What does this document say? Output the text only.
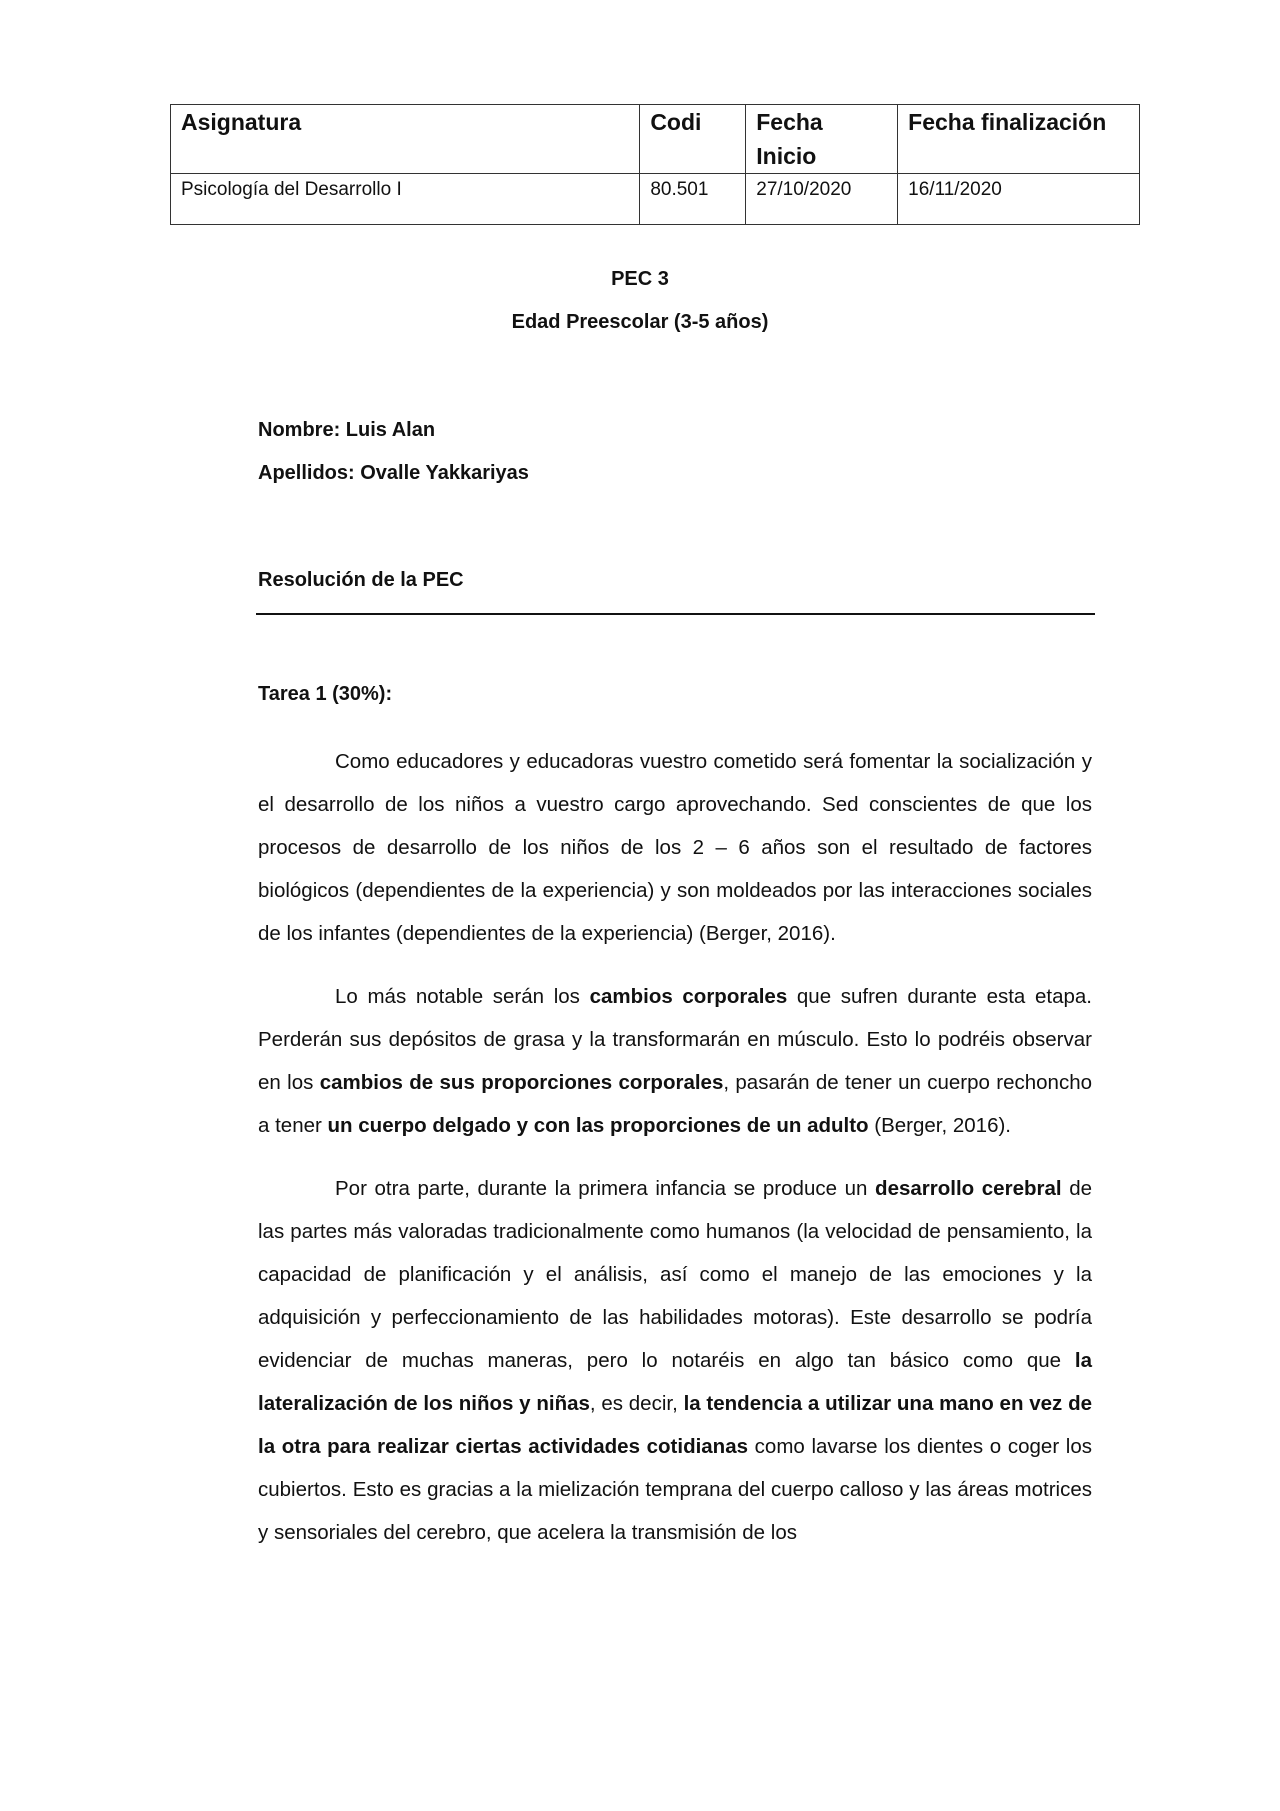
Asignatura	Codi	Fecha Inicio	Fecha finalización
Psicología del Desarrollo I	80.501	27/10/2020	16/11/2020
PEC 3
Edad Preescolar (3-5 años)
Nombre: Luis Alan
Apellidos: Ovalle Yakkariyas
Resolución de la PEC
Tarea 1 (30%):

Como educadores y educadoras vuestro cometido será fomentar la socialización y el desarrollo de los niños a vuestro cargo aprovechando. Sed conscientes de que los procesos de desarrollo de los niños de los 2 – 6 años son el resultado de factores biológicos (dependientes de la experiencia) y son moldeados por las interacciones sociales de los infantes (dependientes de la experiencia) (Berger, 2016).

Lo más notable serán los cambios corporales que sufren durante esta etapa. Perderán sus depósitos de grasa y la transformarán en músculo. Esto lo podréis observar en los cambios de sus proporciones corporales, pasarán de tener un cuerpo rechoncho a tener un cuerpo delgado y con las proporciones de un adulto (Berger, 2016).

Por otra parte, durante la primera infancia se produce un desarrollo cerebral de las partes más valoradas tradicionalmente como humanos (la velocidad de pensamiento, la capacidad de planificación y el análisis, así como el manejo de las emociones y la adquisición y perfeccionamiento de las habilidades motoras). Este desarrollo se podría evidenciar de muchas maneras, pero lo notaréis en algo tan básico como que la lateralización de los niños y niñas, es decir, la tendencia a utilizar una mano en vez de la otra para realizar ciertas actividades cotidianas como lavarse los dientes o coger los cubiertos. Esto es gracias a la mielización temprana del cuerpo calloso y las áreas motrices y sensoriales del cerebro, que acelera la transmisión de los
